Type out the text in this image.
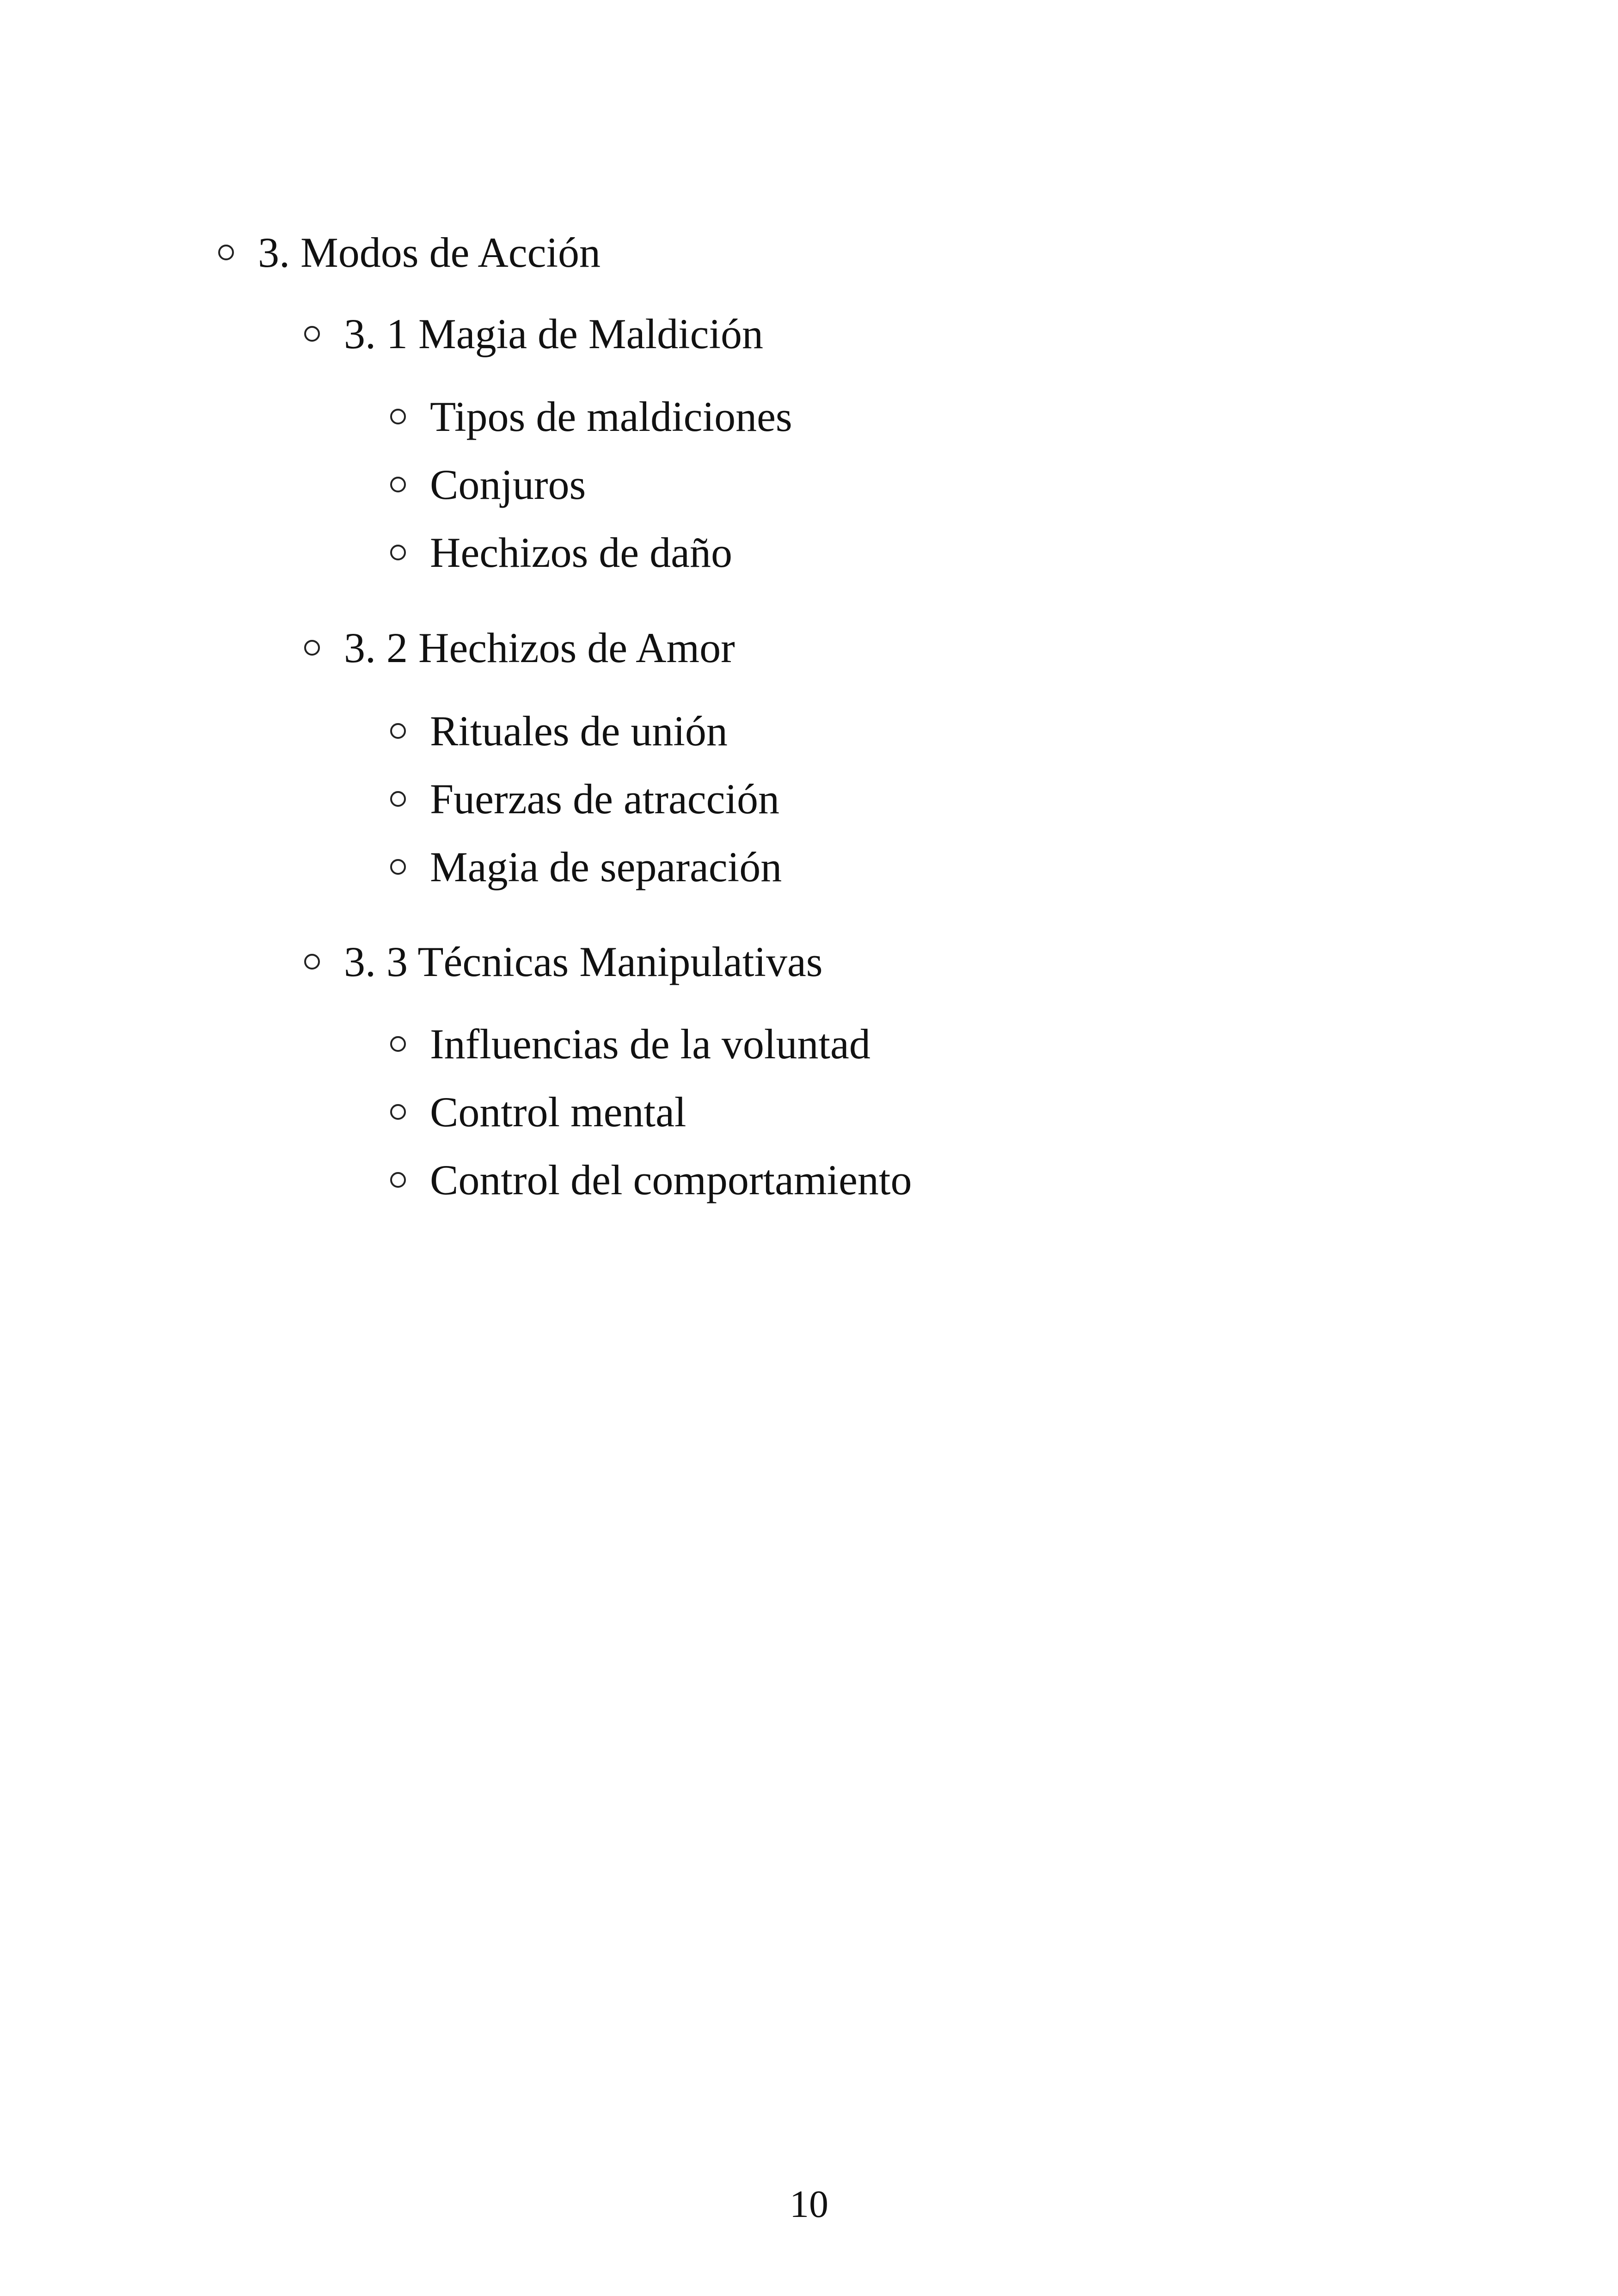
3. Modos de Acción
3. 1 Magia de Maldición
Tipos de maldiciones
Conjuros
Hechizos de daño
3. 2 Hechizos de Amor
Rituales de unión
Fuerzas de atracción
Magia de separación
3. 3 Técnicas Manipulativas
Influencias de la voluntad
Control mental
Control del comportamiento
10
